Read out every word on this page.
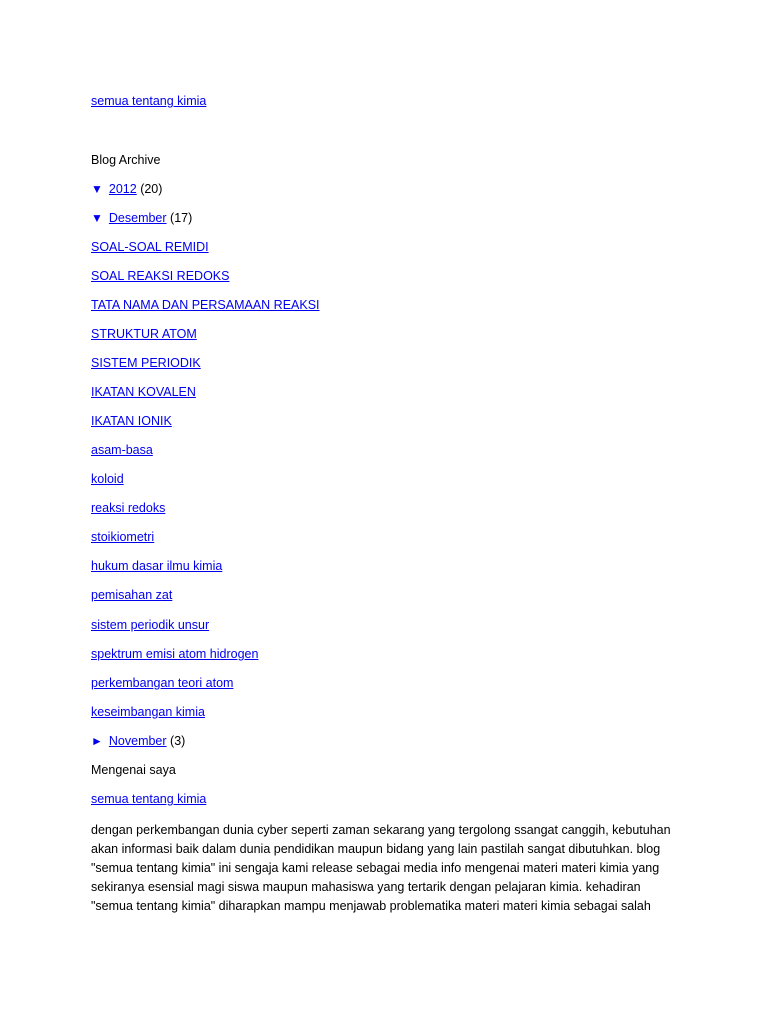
semua tentang kimia
Blog Archive
▼ 2012 (20)
▼ Desember (17)
SOAL-SOAL REMIDI
SOAL REAKSI REDOKS
TATA NAMA DAN PERSAMAAN REAKSI
STRUKTUR ATOM
SISTEM PERIODIK
IKATAN KOVALEN
IKATAN IONIK
asam-basa
koloid
reaksi redoks
stoikiometri
hukum dasar ilmu kimia
pemisahan zat
sistem periodik unsur
spektrum emisi atom hidrogen
perkembangan teori atom
keseimbangan kimia
► November (3)
Mengenai saya
semua tentang kimia
dengan perkembangan dunia cyber seperti zaman sekarang yang tergolong ssangat canggih, kebutuhan akan informasi baik dalam dunia pendidikan maupun bidang yang lain pastilah sangat dibutuhkan. blog "semua tentang kimia" ini sengaja kami release sebagai media info mengenai materi materi kimia yang sekiranya esensial magi siswa maupun mahasiswa yang tertarik dengan pelajaran kimia. kehadiran "semua tentang kimia" diharapkan mampu menjawab problematika materi materi kimia sebagai salah
